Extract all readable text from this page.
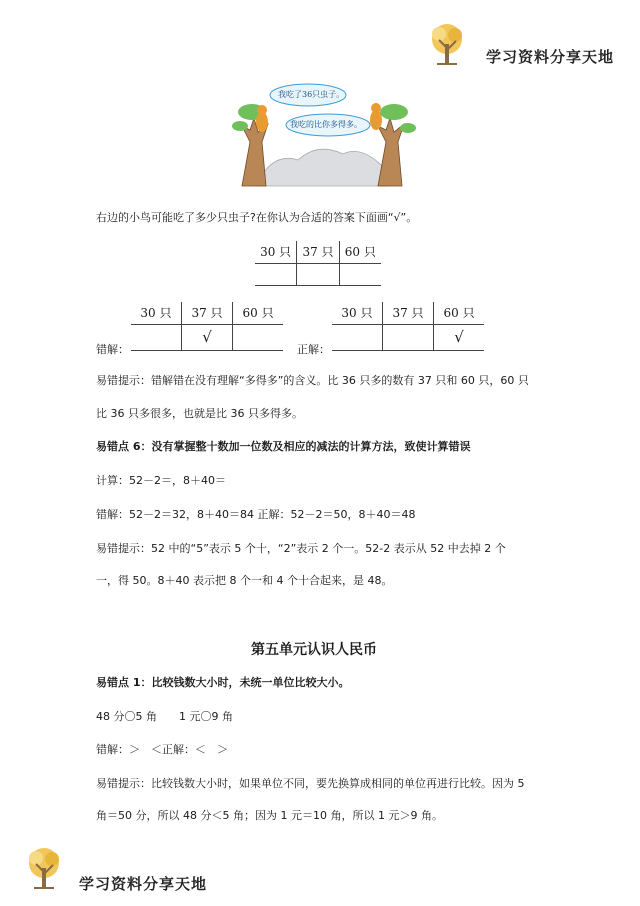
学习资料分享天地
我吃了36只虫子。
我吃的比你多得多。
右边的小鸟可能吃了多少只虫子?在你认为合适的答案下面画“√”。
30 只	37 只	60 只

错解：
30 只	37 只	60 只
	√	
正解：
30 只	37 只	60 只
		√
易错提示：错解错在没有理解“多得多”的含义。比 36 只多的数有 37 只和 60 只，60 只
比 36 只多很多，也就是比 36 只多得多。
易错点 6：没有掌握整十数加一位数及相应的减法的计算方法，致使计算错误
计算：52－2＝，8＋40＝
错解：52－2＝32，8＋40＝84 正解：52－2＝50，8＋40＝48
易错提示：52 中的“5”表示 5 个十，“2”表示 2 个一。52-2 表示从 52 中去掉 2 个
一，得 50。8＋40 表示把 8 个一和 4 个十合起来，是 48。
第五单元认识人民币
易错点 1：比较钱数大小时，未统一单位比较大小。
48 分〇5 角 1 元〇9 角
错解：＞　＜正解：＜　＞
易错提示：比较钱数大小时，如果单位不同，要先换算成相同的单位再进行比较。因为 5
角＝50 分，所以 48 分＜5 角；因为 1 元＝10 角，所以 1 元＞9 角。
学习资料分享天地
